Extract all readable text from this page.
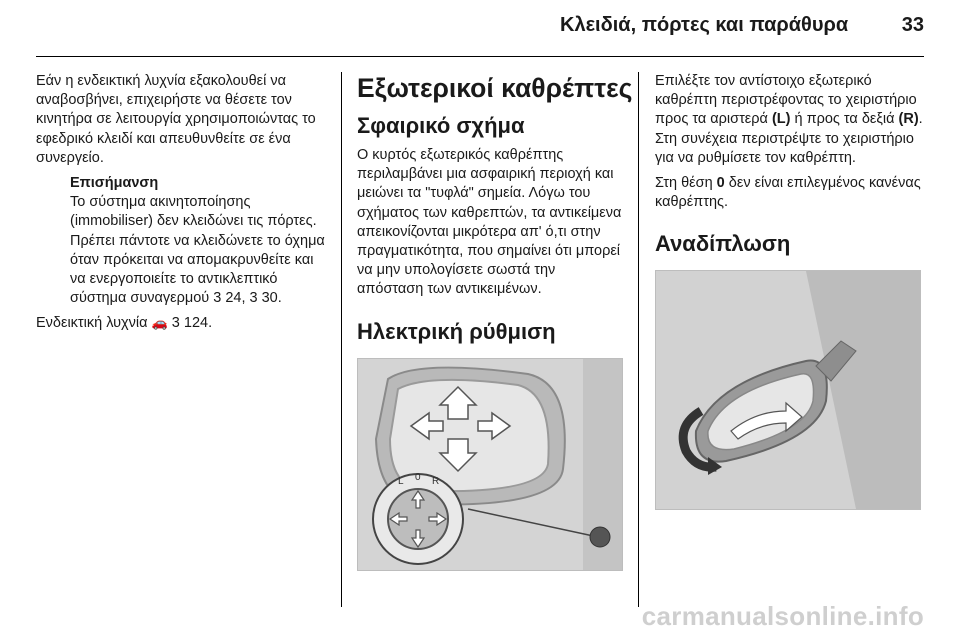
Κλειδιά, πόρτες και παράθυρα	33

Εάν η ενδεικτική λυχνία εξακολουθεί να αναβοσβήνει, επιχειρήστε να θέσετε τον κινητήρα σε λειτουργία χρησιμοποιώντας το εφεδρικό κλειδί και απευθυνθείτε σε ένα συνεργείο.

Επισήμανση

Το σύστημα ακινητοποίησης (immobiliser) δεν κλειδώνει τις πόρτες. Πρέπει πάντοτε να κλειδώνετε το όχημα όταν πρόκειται να απομακρυνθείτε και να ενεργοποιείτε το αντικλεπτικό σύστημα συναγερμού 3 24, 3 30.

Ενδεικτική λυχνία 🚗 3 124.

Εξωτερικοί καθρέπτες
Σφαιρικό σχήμα

Ο κυρτός εξωτερικός καθρέπτης περιλαμβάνει μια ασφαιρική περιοχή και μειώνει τα "τυφλά" σημεία. Λόγω του σχήματος των καθρεπτών, τα αντικείμενα απεικονίζονται μικρότερα απ' ό,τι στην πραγματικότητα, που σημαίνει ότι μπορεί να μην υπολογίσετε σωστά την απόσταση των αντικειμένων.

Ηλεκτρική ρύθμιση
L 0 R

Επιλέξτε τον αντίστοιχο εξωτερικό καθρέπτη περιστρέφοντας το χειριστήριο προς τα αριστερά (L) ή προς τα δεξιά (R). Στη συνέχεια περιστρέψτε το χειριστήριο για να ρυθμίσετε τον καθρέπτη.

Στη θέση 0 δεν είναι επιλεγμένος κανένας καθρέπτης.

Αναδίπλωση
carmanualsonline.info
